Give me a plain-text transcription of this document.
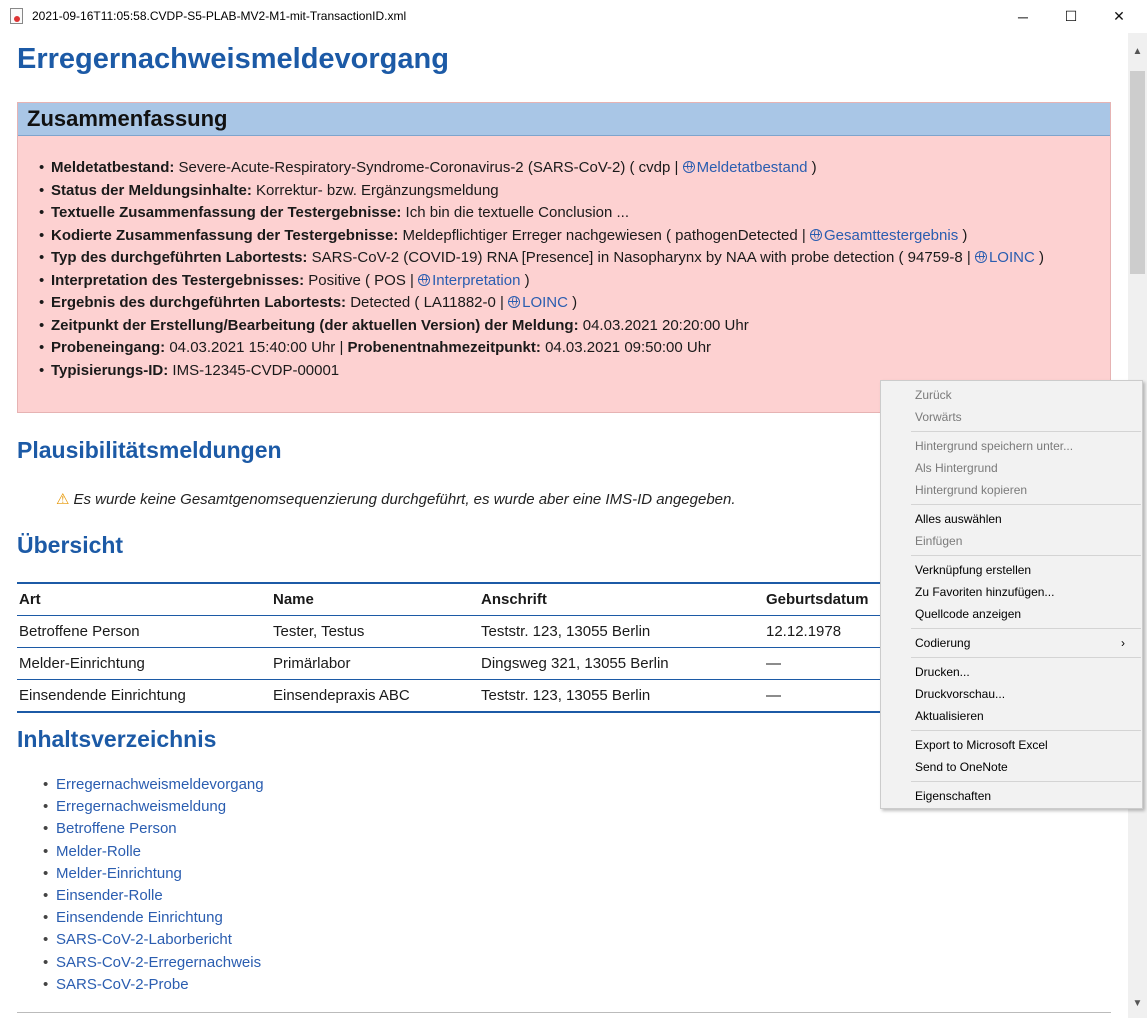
2021-09-16T11:05:58.CVDP-S5-PLAB-MV2-M1-mit-TransactionID.xml	─	☐	✕
Erregernachweismeldevorgang
Zusammenfassung
• Meldetatbestand: Severe-Acute-Respiratory-Syndrome-Coronavirus-2 (SARS-CoV-2) ( cvdp | Meldetatbestand )
• Status der Meldungsinhalte: Korrektur- bzw. Ergänzungsmeldung
• Textuelle Zusammenfassung der Testergebnisse: Ich bin die textuelle Conclusion ...
• Kodierte Zusammenfassung der Testergebnisse: Meldepflichtiger Erreger nachgewiesen ( pathogenDetected | Gesamttestergebnis )
• Typ des durchgeführten Labortests: SARS-CoV-2 (COVID-19) RNA [Presence] in Nasopharynx by NAA with probe detection ( 94759-8 | LOINC )
• Interpretation des Testergebnisses: Positive ( POS | Interpretation )
• Ergebnis des durchgeführten Labortests: Detected ( LA11882-0 | LOINC )
• Zeitpunkt der Erstellung/Bearbeitung (der aktuellen Version) der Meldung: 04.03.2021 20:20:00 Uhr
• Probeneingang: 04.03.2021 15:40:00 Uhr | Probenentnahmezeitpunkt: 04.03.2021 09:50:00 Uhr
• Typisierungs-ID: IMS-12345-CVDP-00001
Plausibilitätsmeldungen
⚠ Es wurde keine Gesamtgenomsequenzierung durchgeführt, es wurde aber eine IMS-ID angegeben.
Übersicht
Art	Name	Anschrift	Geburtsdatum
Betroffene Person	Tester, Testus	Teststr. 123, 13055 Berlin	12.12.1978
Melder-Einrichtung	Primärlabor	Dingsweg 321, 13055 Berlin	—
Einsendende Einrichtung	Einsendepraxis ABC	Teststr. 123, 13055 Berlin	—
Inhaltsverzeichnis
• Erregernachweismeldevorgang
• Erregernachweismeldung
• Betroffene Person
• Melder-Rolle
• Melder-Einrichtung
• Einsender-Rolle
• Einsendende Einrichtung
• SARS-CoV-2-Laborbericht
• SARS-CoV-2-Erregernachweis
• SARS-CoV-2-Probe
▲
▼
Zurück
Vorwärts
Hintergrund speichern unter...
Als Hintergrund
Hintergrund kopieren
Alles auswählen
Einfügen
Verknüpfung erstellen
Zu Favoriten hinzufügen...
Quellcode anzeigen
Codierung	›
Drucken...
Druckvorschau...
Aktualisieren
Export to Microsoft Excel
Send to OneNote
Eigenschaften
